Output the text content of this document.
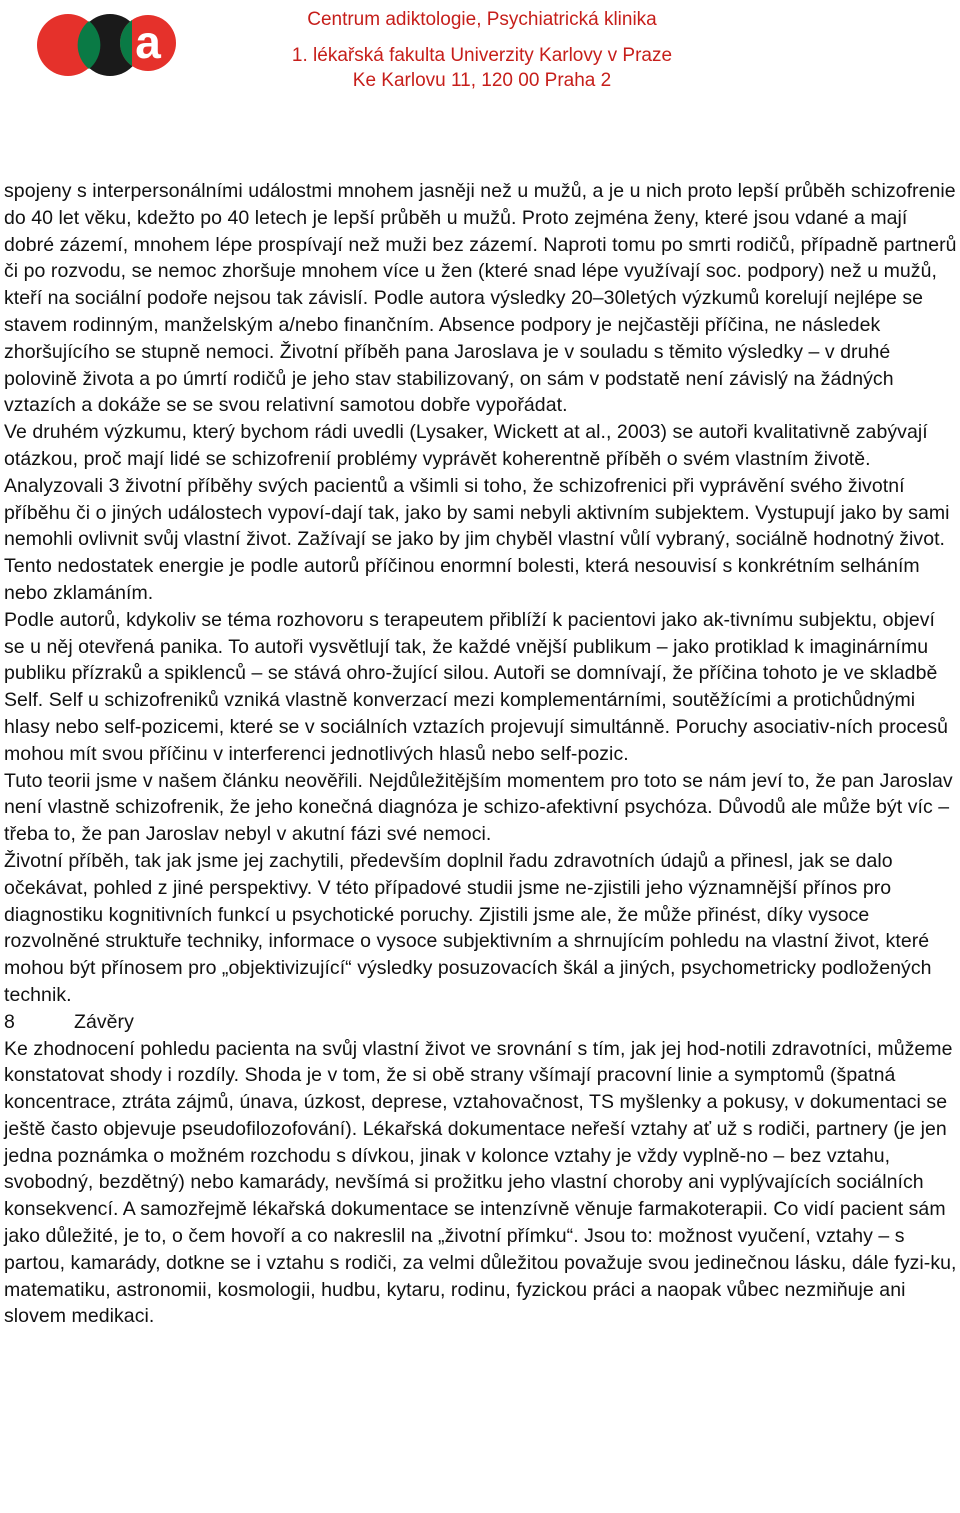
a	Centrum adiktologie, Psychiatrická klinika

1. lékařská fakulta Univerzity Karlovy v Praze

Ke Karlovu 11, 120 00 Praha 2

spojeny s interpersonálními událostmi mnohem jasněji než u mužů, a je u nich proto lepší průběh schizofrenie do 40 let věku, kdežto po 40 letech je lepší průběh u mužů. Proto zejména ženy, které jsou vdané a mají dobré zázemí, mnohem lépe prospívají než muži bez zázemí. Naproti tomu po smrti rodičů, případně partnerů či po rozvodu, se nemoc zhoršuje mnohem více u žen (které snad lépe využívají soc. podpory) než u mužů, kteří na sociální podoře nejsou tak závislí. Podle autora výsledky 20–30letých výzkumů korelují nejlépe se stavem rodinným, manželským a/nebo finančním. Absence podpory je nejčastěji příčina, ne následek zhoršujícího se stupně nemoci. Životní příběh pana Jaroslava je v souladu s těmito výsledky – v druhé polovině života a po úmrtí rodičů je jeho stav stabilizovaný, on sám v podstatě není závislý na žádných vztazích a dokáže se se svou relativní samotou dobře vypořádat.

Ve druhém výzkumu, který bychom rádi uvedli (Lysaker, Wickett at al., 2003) se autoři kvalitativně zabývají otázkou, proč mají lidé se schizofrenií problémy vyprávět koherentně příběh o svém vlastním životě. Analyzovali 3 životní příběhy svých pacientů a všimli si toho, že schizofrenici při vyprávění svého životní příběhu či o jiných událostech vypoví-dají tak, jako by sami nebyli aktivním subjektem. Vystupují jako by sami nemohli ovlivnit svůj vlastní život. Zažívají se jako by jim chyběl vlastní vůlí vybraný, sociálně hodnotný život. Tento nedostatek energie je podle autorů příčinou enormní bolesti, která nesouvisí s konkrétním selháním nebo zklamáním.

Podle autorů, kdykoliv se téma rozhovoru s terapeutem přiblíží k pacientovi jako ak-tivnímu subjektu, objeví se u něj otevřená panika. To autoři vysvětlují tak, že každé vnější publikum – jako protiklad k imaginárnímu publiku přízraků a spiklenců – se stává ohro-žující silou. Autoři se domnívají, že příčina tohoto je ve skladbě Self. Self u schizofreniků vzniká vlastně konverzací mezi komplementárními, soutěžícími a protichůdnými hlasy nebo self-pozicemi, které se v sociálních vztazích projevují simultánně. Poruchy asociativ-ních procesů mohou mít svou příčinu v interferenci jednotlivých hlasů nebo self-pozic.

Tuto teorii jsme v našem článku neověřili. Nejdůležitějším momentem pro toto se nám jeví to, že pan Jaroslav není vlastně schizofrenik, že jeho konečná diagnóza je schizo-afektivní psychóza. Důvodů ale může být víc – třeba to, že pan Jaroslav nebyl v akutní fázi své nemoci.

Životní příběh, tak jak jsme jej zachytili, především doplnil řadu zdravotních údajů a přinesl, jak se dalo očekávat, pohled z jiné perspektivy. V této případové studii jsme ne-zjistili jeho významnější přínos pro diagnostiku kognitivních funkcí u psychotické poruchy. Zjistili jsme ale, že může přinést, díky vysoce rozvolněné struktuře techniky, informace o vysoce subjektivním a shrnujícím pohledu na vlastní život, které mohou být přínosem pro „objektivizující“ výsledky posuzovacích škál a jiných, psychometricky podložených technik.

8	Závěry

Ke zhodnocení pohledu pacienta na svůj vlastní život ve srovnání s tím, jak jej hod-notili zdravotníci, můžeme konstatovat shody i rozdíly. Shoda je v tom, že si obě strany všímají pracovní linie a symptomů (špatná koncentrace, ztráta zájmů, únava, úzkost, deprese, vztahovačnost, TS myšlenky a pokusy, v dokumentaci se ještě často objevuje pseudofilozofování). Lékařská dokumentace neřeší vztahy ať už s rodiči, partnery (je jen jedna poznámka o možném rozchodu s dívkou, jinak v kolonce vztahy je vždy vyplně-no – bez vztahu, svobodný, bezdětný) nebo kamarády, nevšímá si prožitku jeho vlastní choroby ani vyplývajících sociálních konsekvencí. A samozřejmě lékařská dokumentace se intenzívně věnuje farmakoterapii. Co vidí pacient sám jako důležité, je to, o čem hovoří a co nakreslil na „životní přímku“. Jsou to: možnost vyučení, vztahy – s partou, kamarády, dotkne se i vztahu s rodiči, za velmi důležitou považuje svou jedinečnou lásku, dále fyzi-ku, matematiku, astronomii, kosmologii, hudbu, kytaru, rodinu, fyzickou práci a naopak vůbec nezmiňuje ani slovem medikaci.
